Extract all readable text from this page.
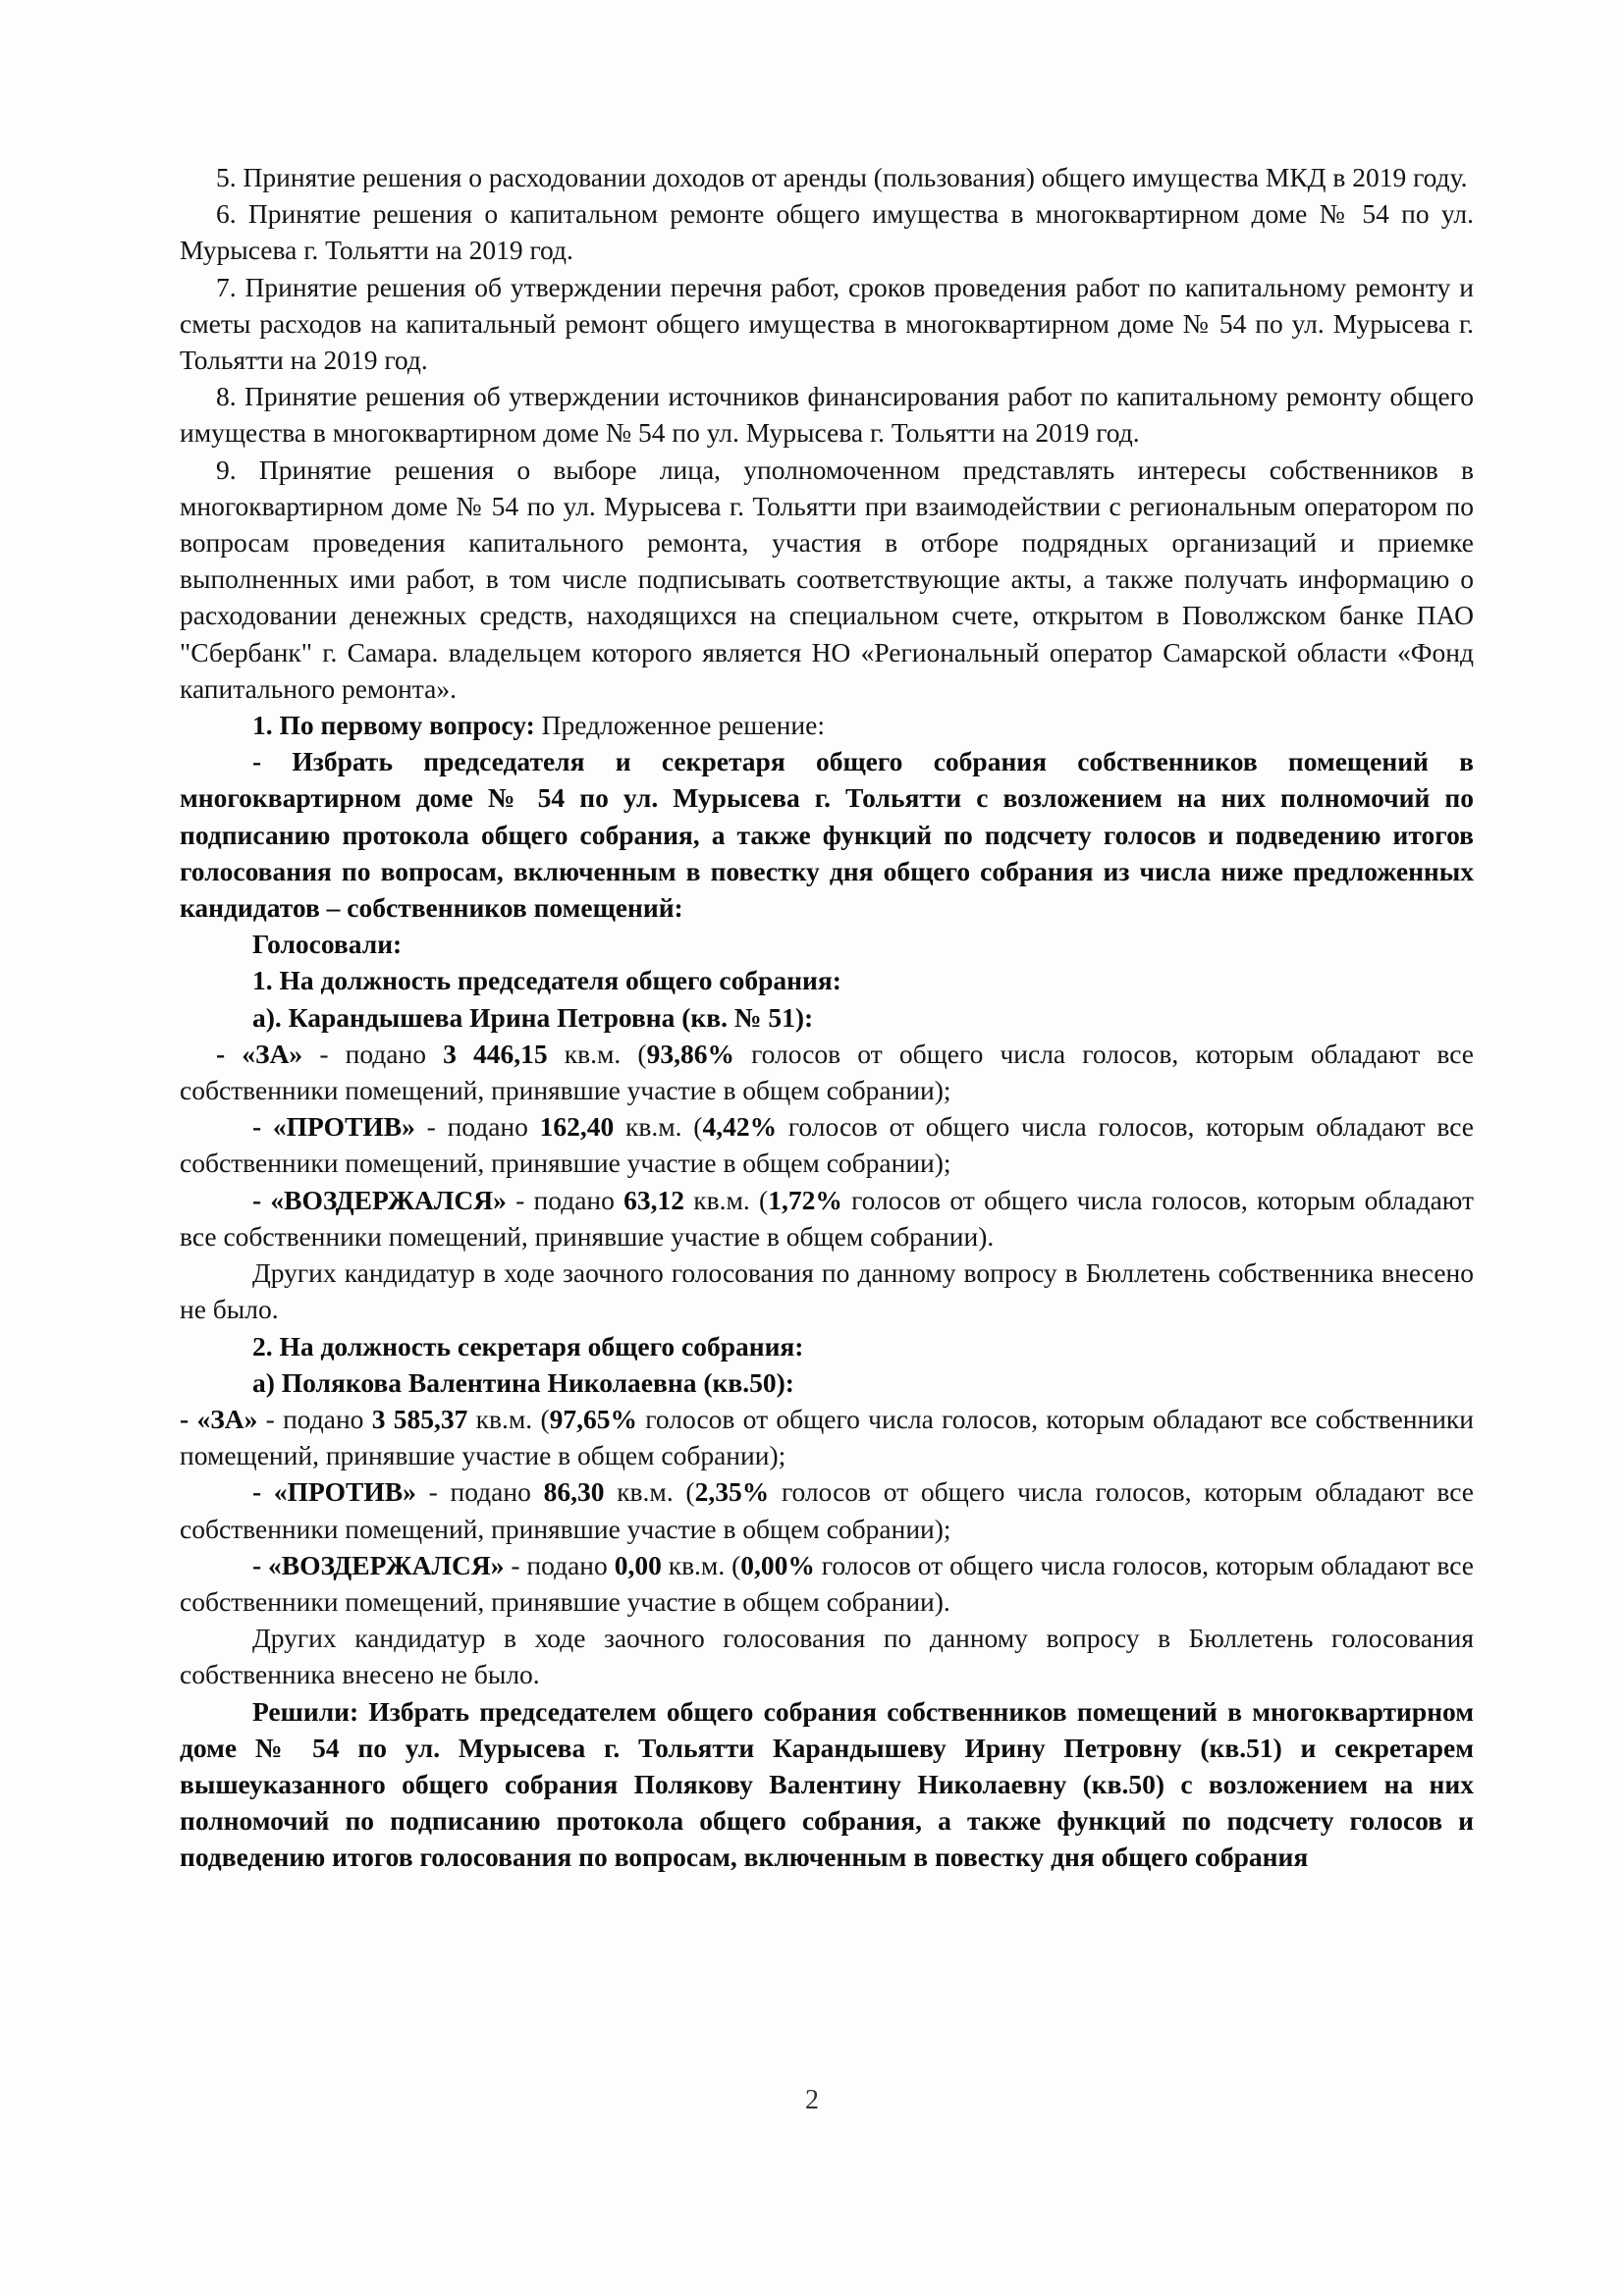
5. Принятие решения о расходовании доходов от аренды (пользования) общего имущества МКД в 2019 году.

6. Принятие решения о капитальном ремонте общего имущества в многоквартирном доме № 54 по ул. Мурысева г. Тольятти на 2019 год.

7. Принятие решения об утверждении перечня работ, сроков проведения работ по капитальному ремонту и сметы расходов на капитальный ремонт общего имущества в многоквартирном доме № 54 по ул. Мурысева г. Тольятти на 2019 год.

8. Принятие решения об утверждении источников финансирования работ по капитальному ремонту общего имущества в многоквартирном доме № 54 по ул. Мурысева г. Тольятти на 2019 год.

9. Принятие решения о выборе лица, уполномоченном представлять интересы собственников в многоквартирном доме № 54 по ул. Мурысева г. Тольятти при взаимодействии с региональным оператором по вопросам проведения капитального ремонта, участия в отборе подрядных организаций и приемке выполненных ими работ, в том числе подписывать соответствующие акты, а также получать информацию о расходовании денежных средств, находящихся на специальном счете, открытом в Поволжском банке ПАО "Сбербанк" г. Самара. владельцем которого является НО «Региональный оператор Самарской области «Фонд капитального ремонта».

1. По первому вопросу: Предложенное решение:

- Избрать председателя и секретаря общего собрания собственников помещений в многоквартирном доме № 54 по ул. Мурысева г. Тольятти с возложением на них полномочий по подписанию протокола общего собрания, а также функций по подсчету голосов и подведению итогов голосования по вопросам, включенным в повестку дня общего собрания из числа ниже предложенных кандидатов – собственников помещений:

Голосовали:

1. На должность председателя общего собрания:

а). Карандышева Ирина Петровна (кв. № 51):

- «ЗА» - подано 3 446,15 кв.м. (93,86% голосов от общего числа голосов, которым обладают все собственники помещений, принявшие участие в общем собрании);

- «ПРОТИВ» - подано 162,40 кв.м. (4,42% голосов от общего числа голосов, которым обладают все собственники помещений, принявшие участие в общем собрании);

- «ВОЗДЕРЖАЛСЯ» - подано 63,12 кв.м. (1,72% голосов от общего числа голосов, которым обладают все собственники помещений, принявшие участие в общем собрании).

Других кандидатур в ходе заочного голосования по данному вопросу в Бюллетень собственника внесено не было.

2. На должность секретаря общего собрания:

а) Полякова Валентина Николаевна (кв.50):

- «ЗА» - подано 3 585,37 кв.м. (97,65% голосов от общего числа голосов, которым обладают все собственники помещений, принявшие участие в общем собрании);

- «ПРОТИВ» - подано 86,30 кв.м. (2,35% голосов от общего числа голосов, которым обладают все собственники помещений, принявшие участие в общем собрании);

- «ВОЗДЕРЖАЛСЯ» - подано 0,00 кв.м. (0,00% голосов от общего числа голосов, которым обладают все собственники помещений, принявшие участие в общем собрании).

Других кандидатур в ходе заочного голосования по данному вопросу в Бюллетень голосования собственника внесено не было.

Решили: Избрать председателем общего собрания собственников помещений в многоквартирном доме № 54 по ул. Мурысева г. Тольятти Карандышеву Ирину Петровну (кв.51) и секретарем вышеуказанного общего собрания Полякову Валентину Николаевну (кв.50) с возложением на них полномочий по подписанию протокола общего собрания, а также функций по подсчету голосов и подведению итогов голосования по вопросам, включенным в повестку дня общего собрания

2
